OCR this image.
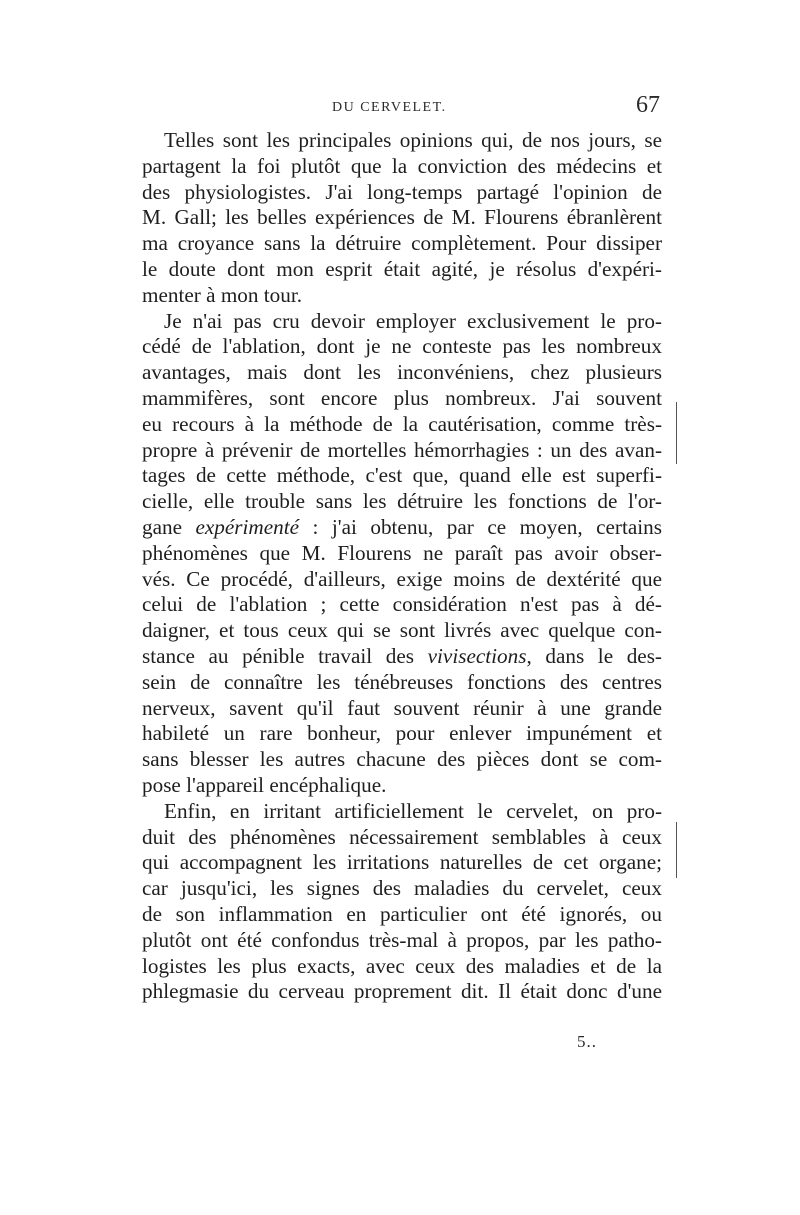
DU CERVELET.	67
Telles sont les principales opinions qui, de nos jours, se
partagent la foi plutôt que la conviction des médecins et
des physiologistes. J'ai long-temps partagé l'opinion de
M. Gall; les belles expériences de M. Flourens ébranlèrent
ma croyance sans la détruire complètement. Pour dissiper
le doute dont mon esprit était agité, je résolus d'expéri-
menter à mon tour.
Je n'ai pas cru devoir employer exclusivement le pro-
cédé de l'ablation, dont je ne conteste pas les nombreux
avantages, mais dont les inconvéniens, chez plusieurs
mammifères, sont encore plus nombreux. J'ai souvent
eu recours à la méthode de la cautérisation, comme très-
propre à prévenir de mortelles hémorrhagies : un des avan-
tages de cette méthode, c'est que, quand elle est superfi-
cielle, elle trouble sans les détruire les fonctions de l'or-
gane expérimenté : j'ai obtenu, par ce moyen, certains
phénomènes que M. Flourens ne paraît pas avoir obser-
vés. Ce procédé, d'ailleurs, exige moins de dextérité que
celui de l'ablation ; cette considération n'est pas à dé-
daigner, et tous ceux qui se sont livrés avec quelque con-
stance au pénible travail des vivisections, dans le des-
sein de connaître les ténébreuses fonctions des centres
nerveux, savent qu'il faut souvent réunir à une grande
habileté un rare bonheur, pour enlever impunément et
sans blesser les autres chacune des pièces dont se com-
pose l'appareil encéphalique.
Enfin, en irritant artificiellement le cervelet, on pro-
duit des phénomènes nécessairement semblables à ceux
qui accompagnent les irritations naturelles de cet organe;
car jusqu'ici, les signes des maladies du cervelet, ceux
de son inflammation en particulier ont été ignorés, ou
plutôt ont été confondus très-mal à propos, par les patho-
logistes les plus exacts, avec ceux des maladies et de la
phlegmasie du cerveau proprement dit. Il était donc d'une
5..
